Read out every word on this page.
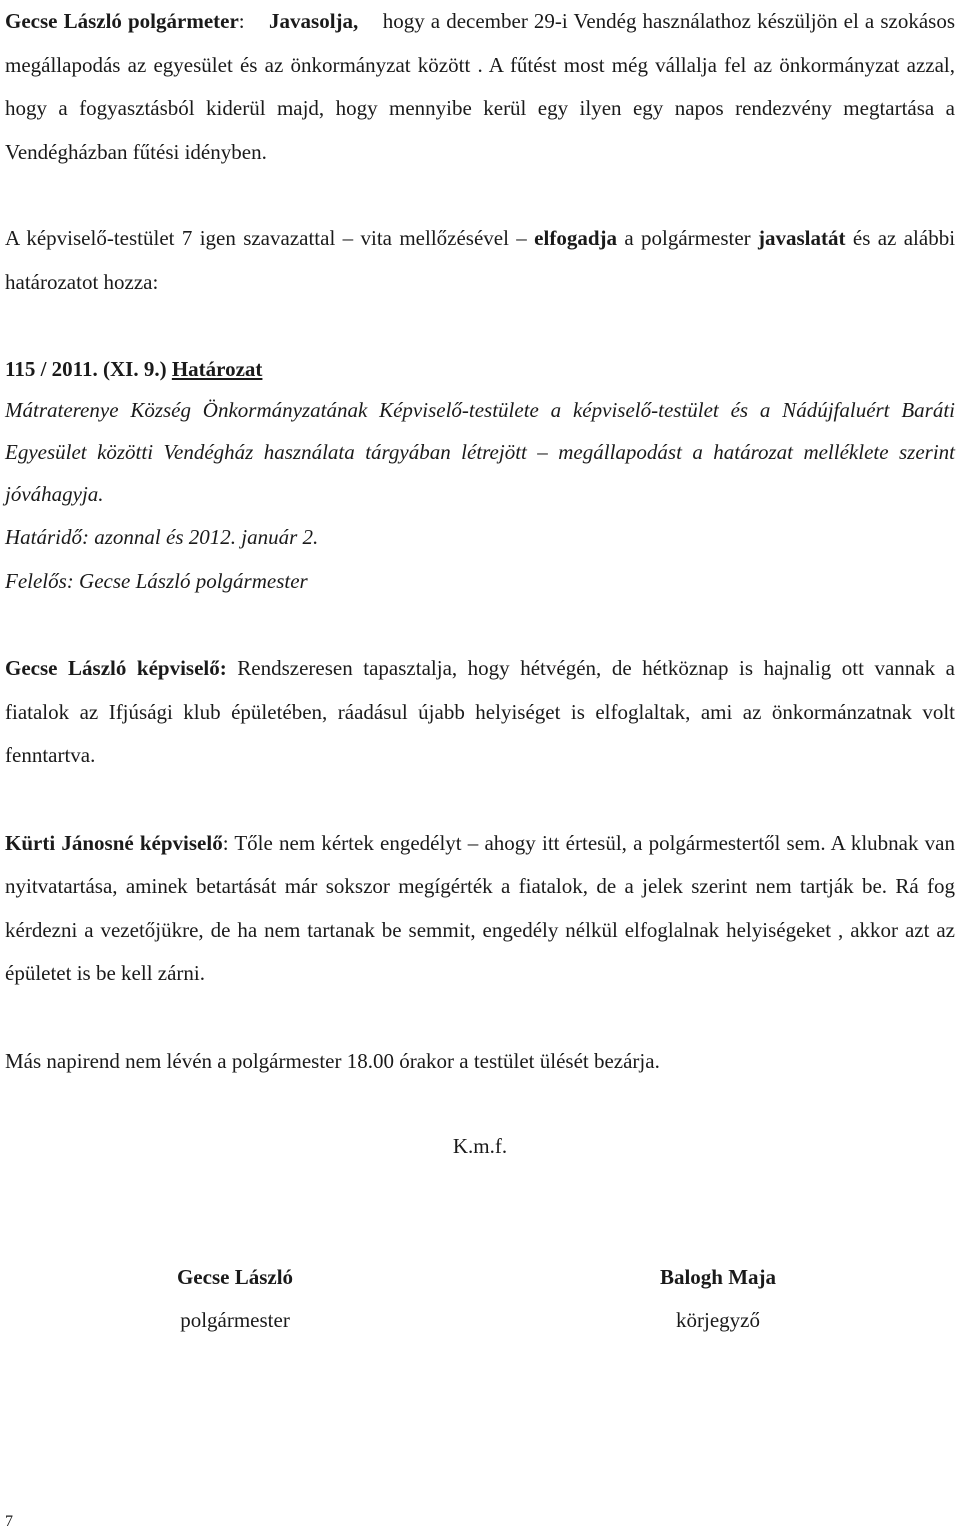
Gecse László polgármeter: Javasolja, hogy a december 29-i Vendég használathoz készüljön el a szokásos megállapodás az egyesület és az önkormányzat között . A fűtést most még vállalja fel az önkormányzat azzal, hogy a fogyasztásból kiderül majd, hogy mennyibe kerül egy ilyen egy napos rendezvény megtartása a Vendégházban fűtési idényben.

A képviselő-testület 7 igen szavazattal – vita mellőzésével – elfogadja a polgármester javaslatát és az alábbi határozatot hozza:

115 / 2011. (XI. 9.) Határozat

Mátraterenye Község Önkormányzatának Képviselő-testülete a képviselő-testület és a Nádújfaluért Baráti Egyesület közötti Vendégház használata tárgyában létrejött – megállapodást a határozat melléklete szerint jóváhagyja.

Határidő: azonnal és 2012. január 2.

Felelős: Gecse László polgármester

Gecse László képviselő: Rendszeresen tapasztalja, hogy hétvégén, de hétköznap is hajnalig ott vannak a fiatalok az Ifjúsági klub épületében, ráadásul újabb helyiséget is elfoglaltak, ami az önkormánzatnak volt fenntartva.

Kürti Jánosné képviselő: Tőle nem kértek engedélyt – ahogy itt értesül, a polgármestertől sem. A klubnak van nyitvatartása, aminek betartását már sokszor megígérték a fiatalok, de a jelek szerint nem tartják be. Rá fog kérdezni a vezetőjükre, de ha nem tartanak be semmit, engedély nélkül elfoglalnak helyiségeket , akkor azt az épületet is be kell zárni.

Más napirend nem lévén a polgármester 18.00 órakor a testület ülését bezárja.

K.m.f.

Gecse László
polgármester
Balogh Maja
körjegyző
7
